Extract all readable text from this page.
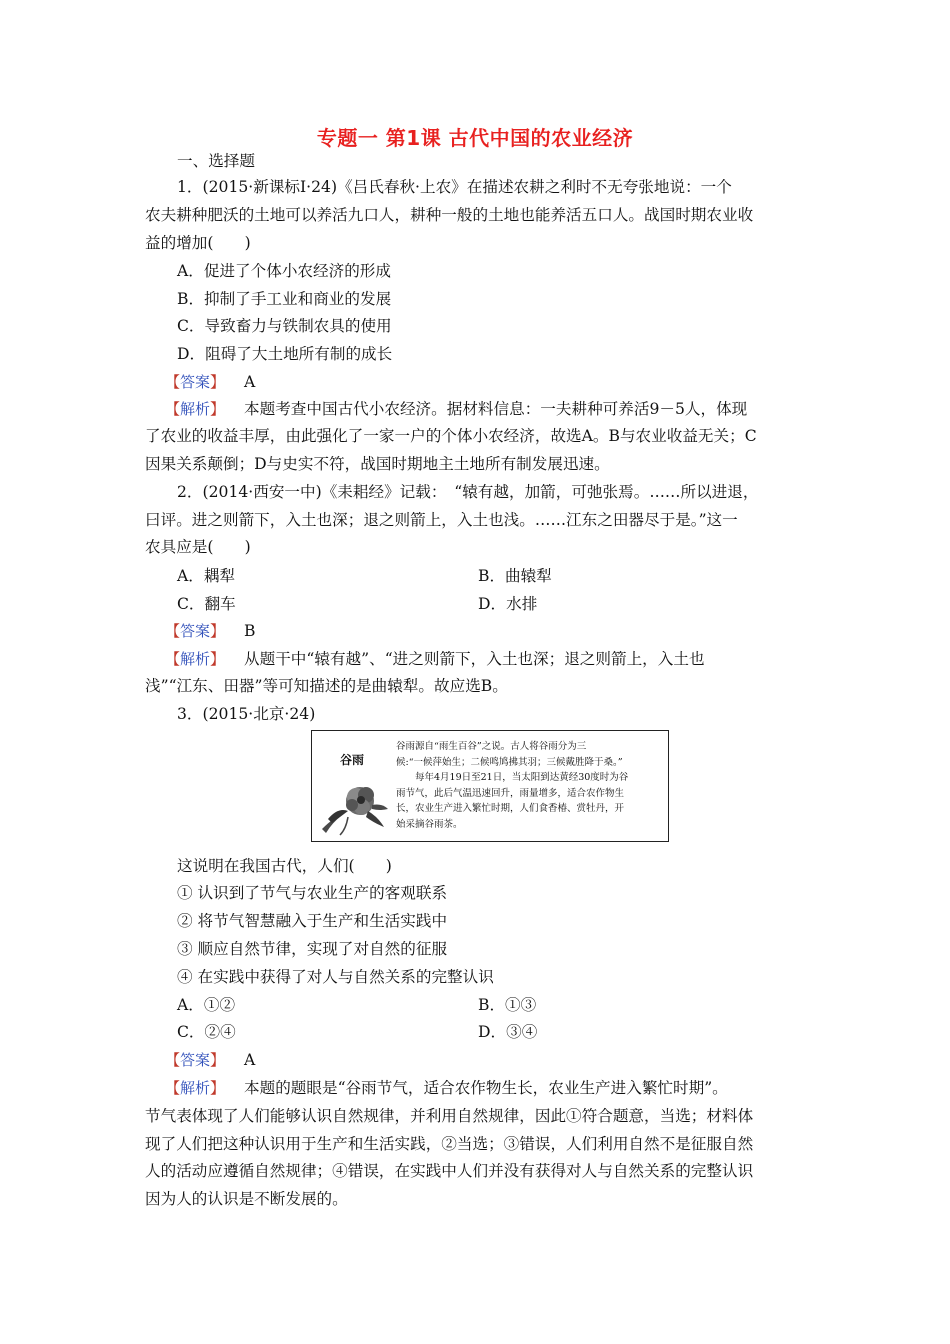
专题一 第1课 古代中国的农业经济
一、选择题
1．(2015·新课标Ⅰ·24)《吕氏春秋·上农》在描述农耕之利时不无夸张地说：一个
农夫耕种肥沃的土地可以养活九口人，耕种一般的土地也能养活五口人。战国时期农业收
益的增加(　　)
A．促进了个体小农经济的形成
B．抑制了手工业和商业的发展
C．导致畜力与铁制农具的使用
D．阻碍了大土地所有制的成长
【答案】 A
【解析】 本题考查中国古代小农经济。据材料信息：一夫耕种可养活9－5人，体现
了农业的收益丰厚，由此强化了一家一户的个体小农经济，故选A。B与农业收益无关；C
因果关系颠倒；D与史实不符，战国时期地主土地所有制发展迅速。
2．(2014·西安一中)《耒耜经》记载：　“辕有越，加箭，可弛张焉。……所以进退，
曰评。进之则箭下，入土也深；退之则箭上，入土也浅。……江东之田器尽于是。”这一
农具应是(　　)
A．耦犁	B．曲辕犁
C．翻车	D．水排
【答案】 B
【解析】 从题干中“辕有越”、“进之则箭下，入土也深；退之则箭上，入土也
浅”“江东、田器”等可知描述的是曲辕犁。故应选B。
3．(2015·北京·24)
谷雨
谷雨源自“雨生百谷”之说。古人将谷雨分为三
候:“一候萍始生；二候鸣鸠拂其羽；三候戴胜降于桑。”
　　每年4月19日至21日，当太阳到达黄经30度时为谷
雨节气，此后气温迅速回升，雨量增多，适合农作物生
长，农业生产进入繁忙时期，人们食香椿、赏牡丹，开
始采摘谷雨茶。
这说明在我国古代，人们(　　)
① 认识到了节气与农业生产的客观联系
② 将节气智慧融入于生产和生活实践中
③ 顺应自然节律，实现了对自然的征服
④ 在实践中获得了对人与自然关系的完整认识
A．①②	B．①③
C．②④	D．③④
【答案】 A
【解析】 本题的题眼是“谷雨节气，适合农作物生长，农业生产进入繁忙时期”。
节气表体现了人们能够认识自然规律，并利用自然规律，因此①符合题意，当选；材料体
现了人们把这种认识用于生产和生活实践，②当选；③错误，人们利用自然不是征服自然
人的活动应遵循自然规律；④错误，在实践中人们并没有获得对人与自然关系的完整认识
因为人的认识是不断发展的。
